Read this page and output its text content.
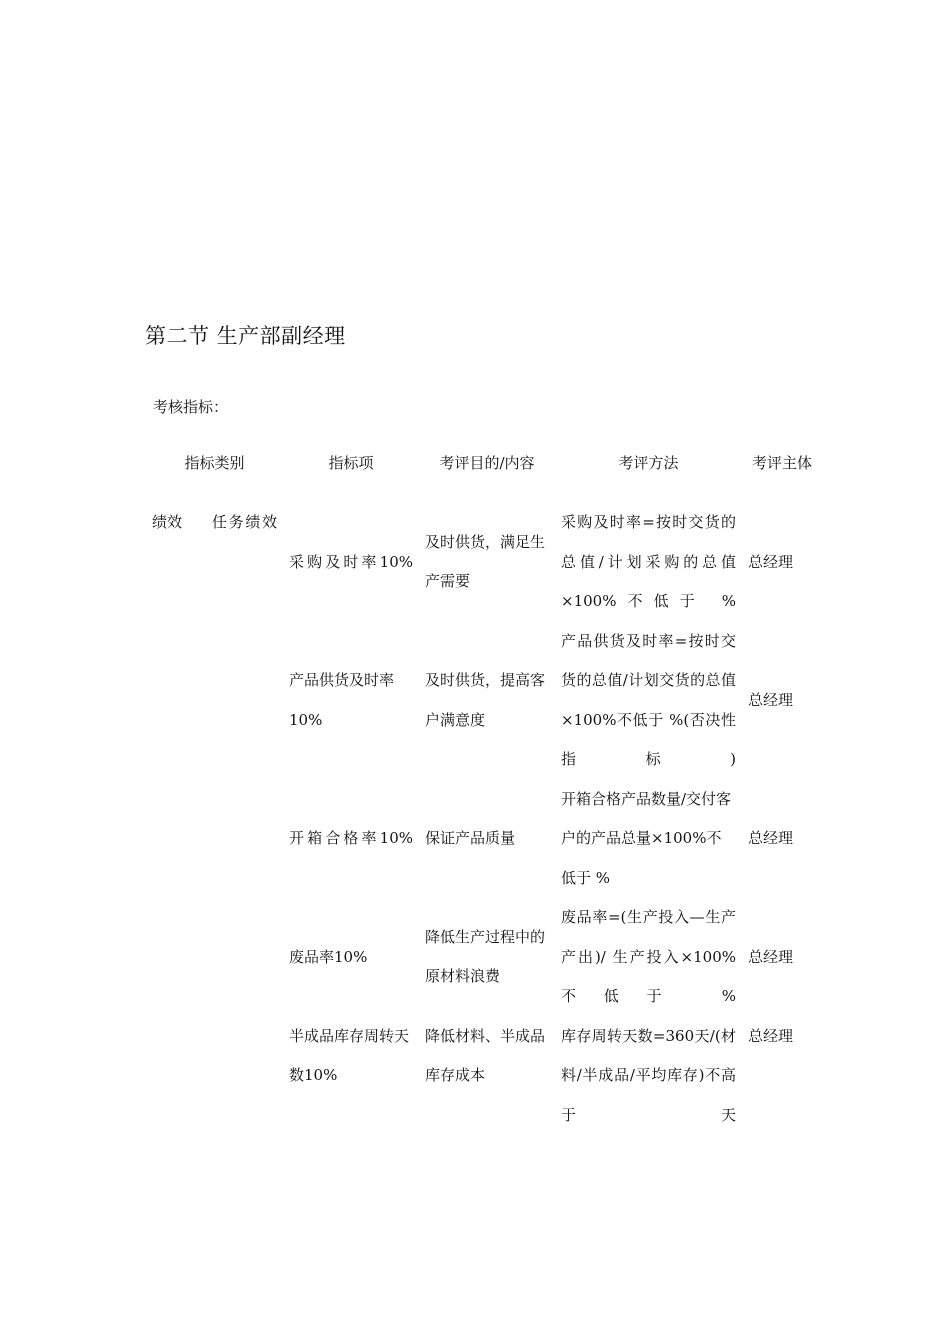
第二节 生产部副经理
考核指标：
指标类别		指标项	考评目的/内容	考评方法	考评主体
绩效	任务绩效	采购及时率10%	及时供货，满足生产需要	采购及时率=按时交货的总值/计划采购的总值×100%不低于 %	总经理
		产品供货及时率10%	及时供货，提高客户满意度	产品供货及时率=按时交货的总值/计划交货的总值×100%不低于 %(否决性指标)	总经理
		开箱合格率10%	保证产品质量	开箱合格产品数量/交付客户的产品总量×100%不低于 %	总经理
		废品率10%	降低生产过程中的原材料浪费	废品率=(生产投入—生产产出)/ 生产投入×100%不低于 %	总经理
		半成品库存周转天数10%	降低材料、半成品库存成本	库存周转天数=360天/(材料/半成品/平均库存)不高于 天	总经理
